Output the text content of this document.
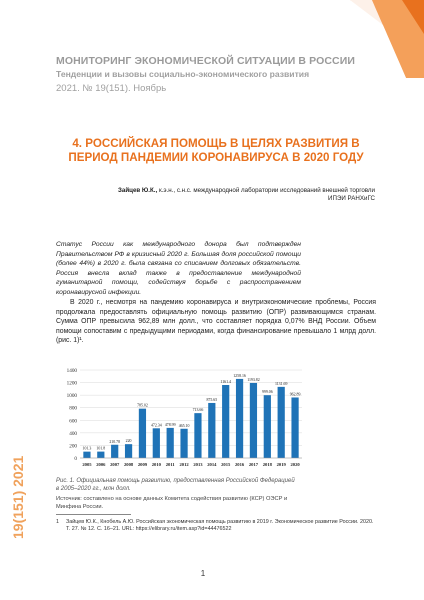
МОНИТОРИНГ ЭКОНОМИЧЕСКОЙ СИТУАЦИИ В РОССИИ
Тенденции и вызовы социально-экономического развития
2021. № 19(151). Ноябрь
4. РОССИЙСКАЯ ПОМОЩЬ В ЦЕЛЯХ РАЗВИТИЯ В ПЕРИОД ПАНДЕМИИ КОРОНАВИРУСА В 2020 ГОДУ
Зайцев Ю.К., к.э.н., с.н.с. международной лаборатории исследований внешней торговли
ИПЭИ РАНХиГС
Статус России как международного донора был подтвержден Правительством РФ в кризисный 2020 г. Большая доля российской помощи (более 44%) в 2020 г. была связана со списанием долговых обязательств. Россия внесла вклад также в предоставление международной гуманитарной помощи, содействуя борьбе с распространением коронавирусной инфекции.
В 2020 г., несмотря на пандемию коронавируса и внутриэкономические проблемы, Россия продолжала предоставлять официальную помощь развитию (ОПР) развивающимся странам. Сумма ОПР превысила 962,89 млн долл., что составляет порядка 0,07% ВНД России. Объем помощи сопоставим с предыдущими периодами, когда финансирование превышало 1 млрд долл. (рис. 1)¹.
0
200
400
600
800
1000
1200
1400
101.3 101.8
210.78 220
785.02
472.34 478.99 465.10
713.66
875.65
1161.4
1258.16
1193.82
999.06
1131.69
962.89
2005 2006 2007 2008 2009 2010 2011 2012 2013 2014 2015 2016 2017 2018 2019 2020
Рис. 1. Официальная помощь развитию, предоставленная Российской Федерацией в 2005–2020 гг., млн долл.
Источник: составлено на основе данных Комитета содействия развитию (КСР) ОЭСР и Минфина России.
1 Зайцев Ю.К., Кнобель А.Ю. Российская экономическая помощь развитию в 2019 г. Экономическое развитие России. 2020. Т. 27. № 12. С. 16–21. URL: https://elibrary.ru/item.asp?id=44476522
19(151) 2021
1
